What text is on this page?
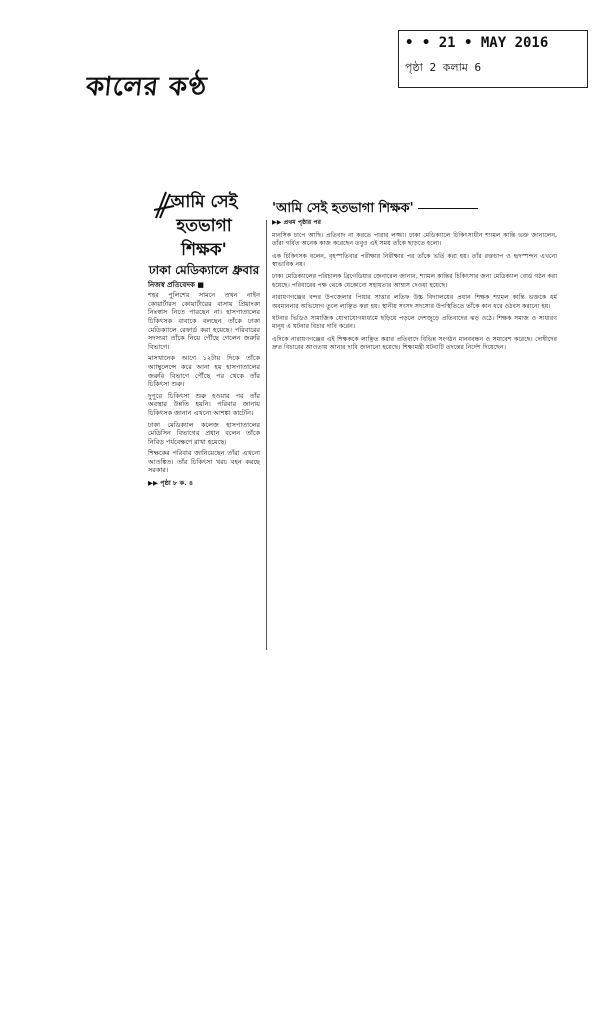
কালের কণ্ঠ
• • 21 • MAY 2016
পৃষ্ঠা 2 কলাম 6
আমি সেই
হতভাগা
শিক্ষক'
ঢাকা মেডিক্যালে ধ্রুবার
নিজস্ব প্রতিবেদক ■

শহর পুলিশের সামনে তখন নাইন কোয়ার্টারস কোয়ার্টারের বাসায় প্রিয়াংকা নিঃস্বাস নিতে পারছেন না। হাসপাতালের চিকিৎসক বাবাকে বলছেন তাঁকে ঢাকা মেডিক্যালে রেফার্ড করা হয়েছে। পরিবারের সদস্যরা তাঁকে নিয়ে পৌঁছে গেলেন জরুরি বিভাগে।

মাসখানেক আগে ১২টায় দিকে তাঁকে অ্যাম্বুলেন্সে করে আনা হয় হাসপাতালের জরুরি বিভাগে পৌঁছে পর থেকে তাঁর চিকিৎসা শুরু।

দুপুরে চিকিৎসা শুরু হওয়ার পর তাঁর অবস্থার উন্নতি হয়নি। পরিবার জানায় চিকিৎসক জানান এখনো আশঙ্কা কাটেনি।

ঢাকা মেডিক্যাল কলেজ হাসপাতালের মেডিসিন বিভাগের প্রধান বলেন তাঁকে নিবিড় পর্যবেক্ষণে রাখা হয়েছে।

শিক্ষকের পরিবার জানিয়েছেন তাঁরা এখনো আতঙ্কিত। তাঁর চিকিৎসা খরচ বহন করছে সরকার।

▶▶ পৃষ্ঠা ৮ ক. ৪
'আমি সেই হতভাগা শিক্ষক'
▶▶ প্রথম পৃষ্ঠার পর

মানসিক চাপে আছি। প্রতিবাদ না করতে পারার লজ্জা। ঢাকা মেডিক্যালে চিকিৎসাধীন শ্যামল কান্তি ভক্ত জানালেন, তাঁরা গর্বিত অনেক কাজ করেছেন তবুও এই সময় তাঁকে ছাড়তে হলো।

এক চিকিৎসক বলেন, বৃহস্পতিবার পরীক্ষার নিরীক্ষার পর তাঁকে ভর্তি করা হয়। তাঁর রক্তচাপ ও হৃদস্পন্দন এখনো স্বাভাবিক নয়।

ঢাকা মেডিক্যালের পরিচালক ব্রিগেডিয়ার জেনারেল জানান, শ্যামল কান্তির চিকিৎসার জন্য মেডিক্যাল বোর্ড গঠন করা হয়েছে। পরিবারের পক্ষ থেকে যেকোনো সহায়তার আশ্বাস দেওয়া হয়েছে।

নারায়ণগঞ্জের বন্দর উপজেলার পিয়ার সাত্তার লতিফ উচ্চ বিদ্যালয়ের প্রধান শিক্ষক শ্যামল কান্তি ভক্তকে ধর্ম অবমাননার অভিযোগ তুলে লাঞ্ছিত করা হয়। স্থানীয় সংসদ সদস্যের উপস্থিতিতে তাঁকে কান ধরে ওঠবস করানো হয়।

ঘটনার ভিডিও সামাজিক যোগাযোগমাধ্যমে ছড়িয়ে পড়লে দেশজুড়ে প্রতিবাদের ঝড় ওঠে। শিক্ষক সমাজ ও সাধারণ মানুষ এ ঘটনার বিচার দাবি করেন।

এদিকে নারায়ণগঞ্জের এই শিক্ষককে লাঞ্ছিত করার প্রতিবাদে বিভিন্ন সংগঠন মানববন্ধন ও সমাবেশ করেছে। দোষীদের দ্রুত বিচারের আওতায় আনার দাবি জানানো হয়েছে। শিক্ষামন্ত্রী ঘটনাটি তদন্তের নির্দেশ দিয়েছেন।
